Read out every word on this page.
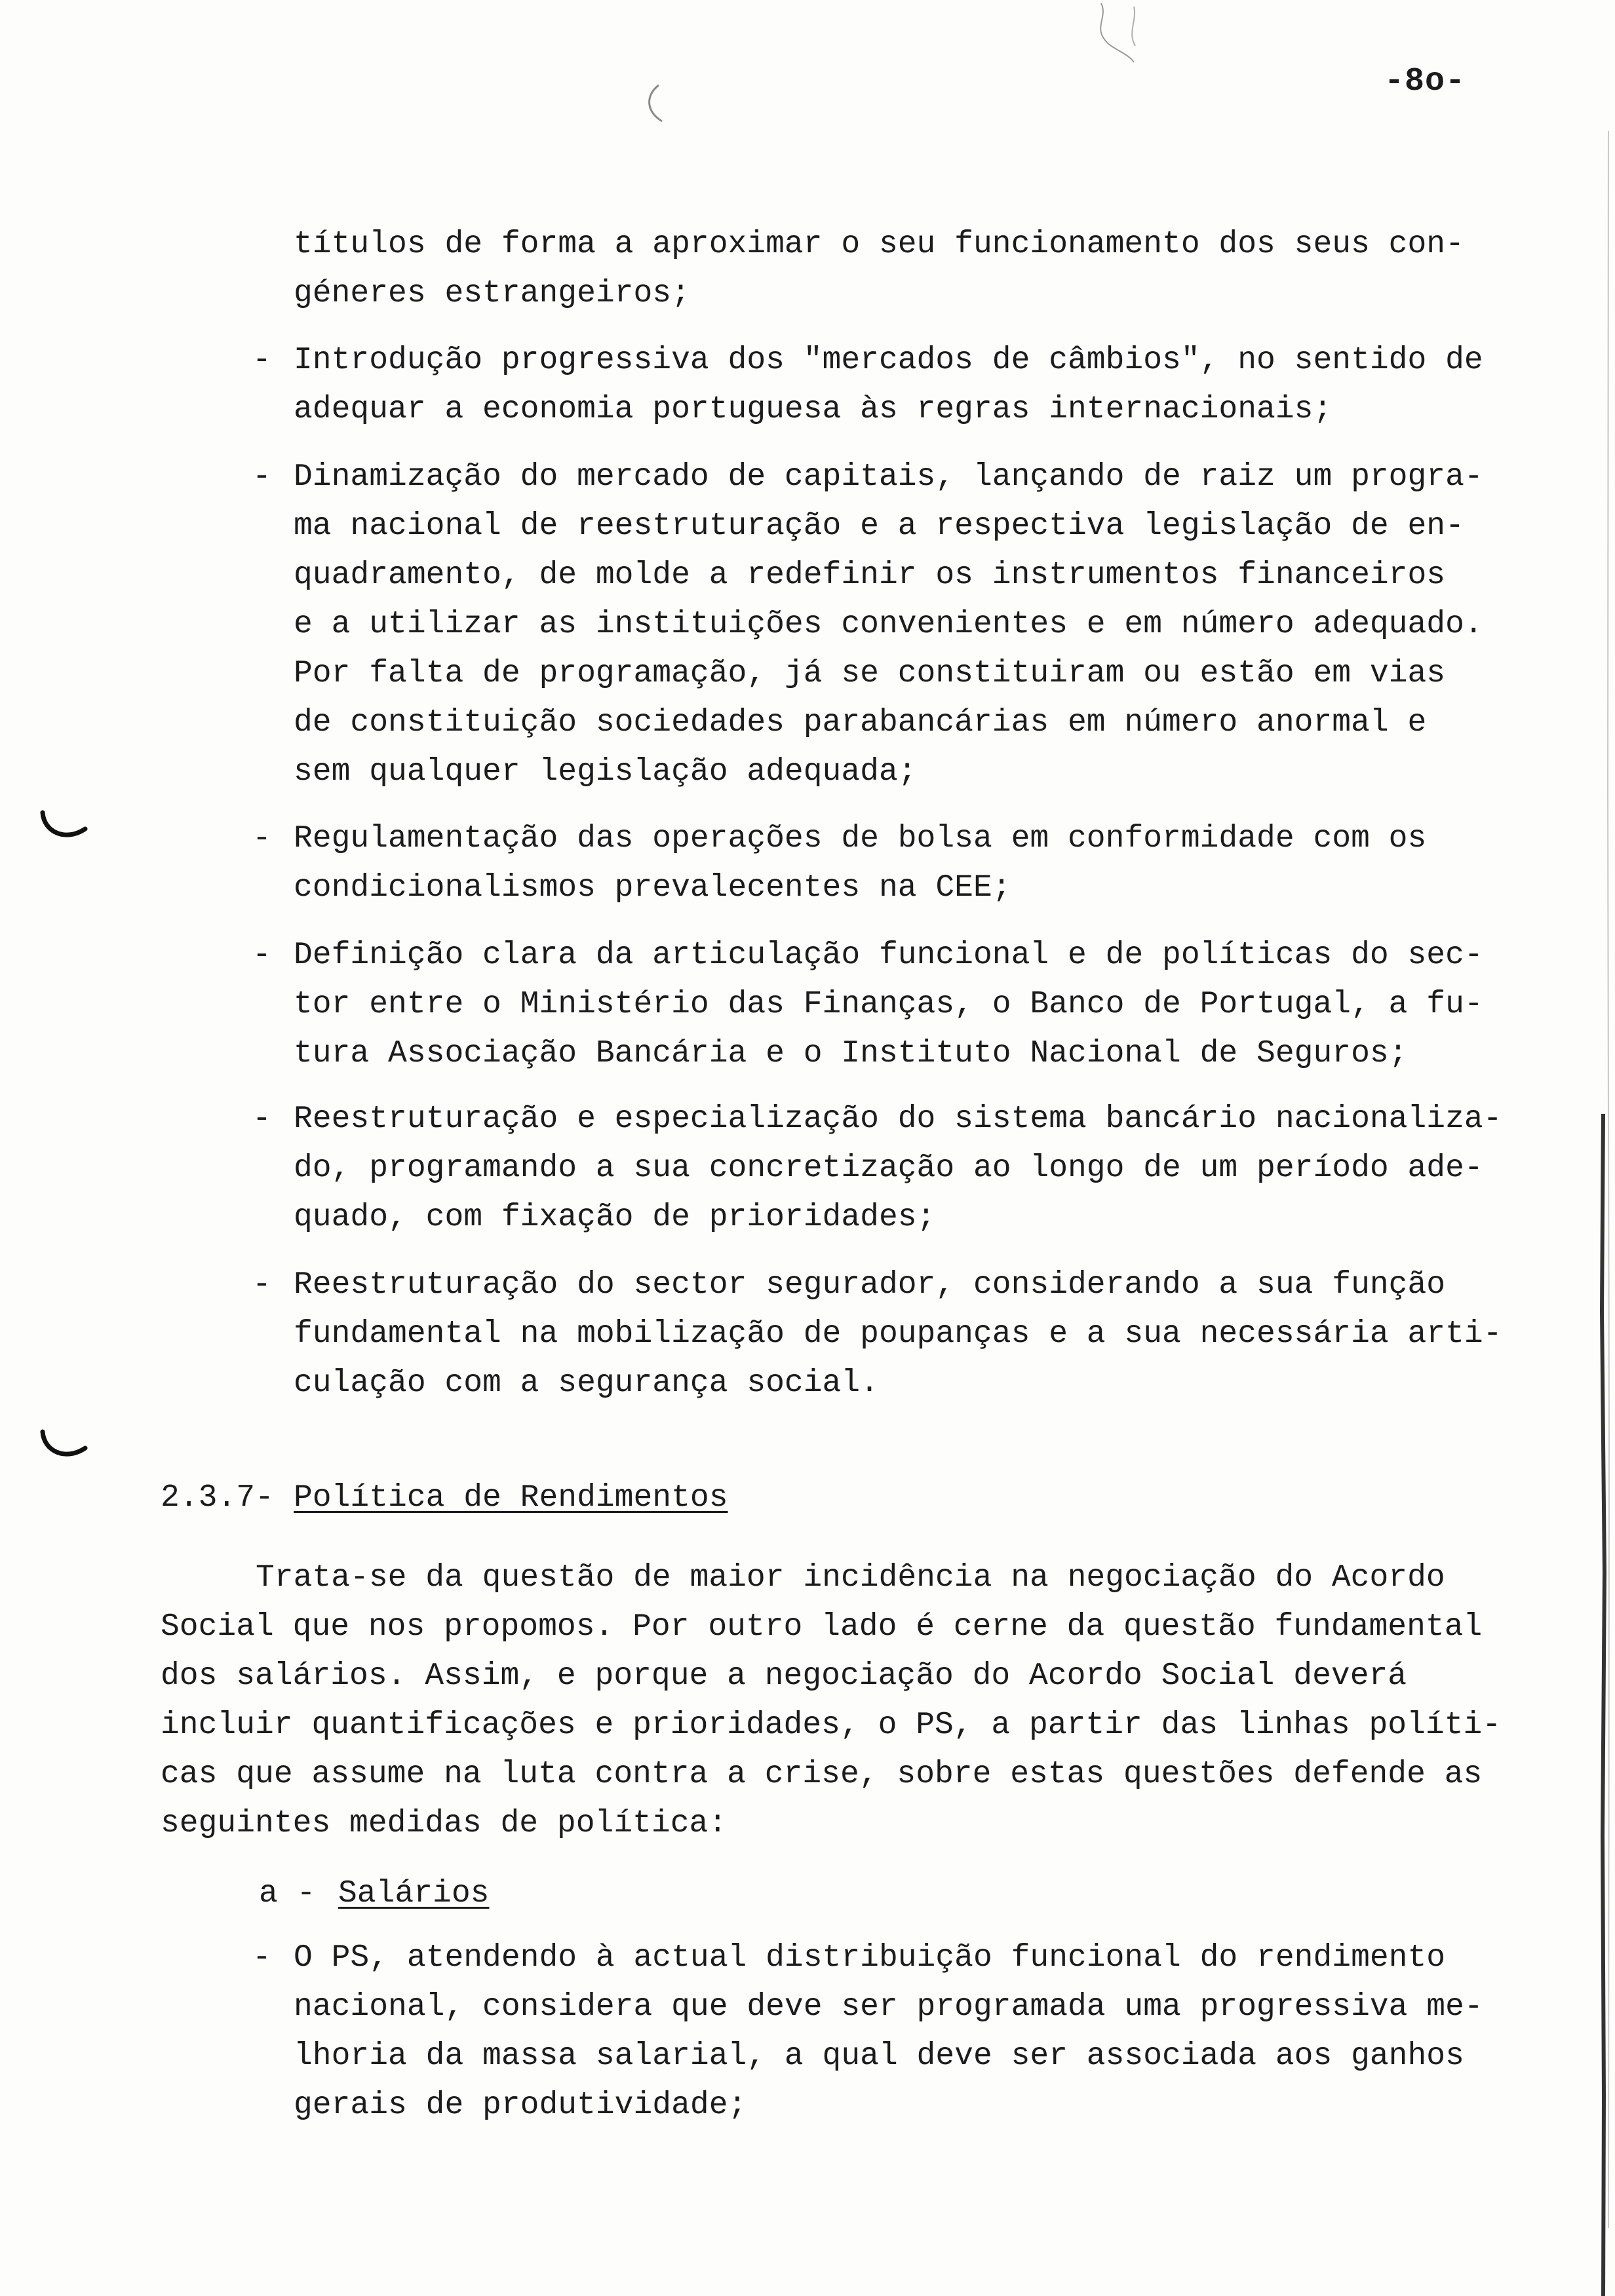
-8o-
títulos de forma a aproximar o seu funcionamento dos seus con-
géneres estrangeiros;
- Introdução progressiva dos "mercados de câmbios", no sentido de
adequar a economia portuguesa às regras internacionais;
- Dinamização do mercado de capitais, lançando de raiz um progra-
ma nacional de reestruturação e a respectiva legislação de en-
quadramento, de molde a redefinir os instrumentos financeiros
e a utilizar as instituições convenientes e em número adequado.
Por falta de programação, já se constituiram ou estão em vias
de constituição sociedades parabancárias em número anormal e
sem qualquer legislação adequada;
- Regulamentação das operações de bolsa em conformidade com os
condicionalismos prevalecentes na CEE;
- Definição clara da articulação funcional e de políticas do sec-
tor entre o Ministério das Finanças, o Banco de Portugal, a fu-
tura Associação Bancária e o Instituto Nacional de Seguros;
- Reestruturação e especialização do sistema bancário nacionaliza-
do, programando a sua concretização ao longo de um período ade-
quado, com fixação de prioridades;
- Reestruturação do sector segurador, considerando a sua função
fundamental na mobilização de poupanças e a sua necessária arti-
culação com a segurança social.
2.3.7- Política de Rendimentos
Trata-se da questão de maior incidência na negociação do Acordo
Social que nos propomos. Por outro lado é cerne da questão fundamental
dos salários. Assim, e porque a negociação do Acordo Social deverá
incluir quantificações e prioridades, o PS, a partir das linhas políti-
cas que assume na luta contra a crise, sobre estas questões defende as
seguintes medidas de política:
a - Salários
- O PS, atendendo à actual distribuição funcional do rendimento
nacional, considera que deve ser programada uma progressiva me-
lhoria da massa salarial, a qual deve ser associada aos ganhos
gerais de produtividade;
